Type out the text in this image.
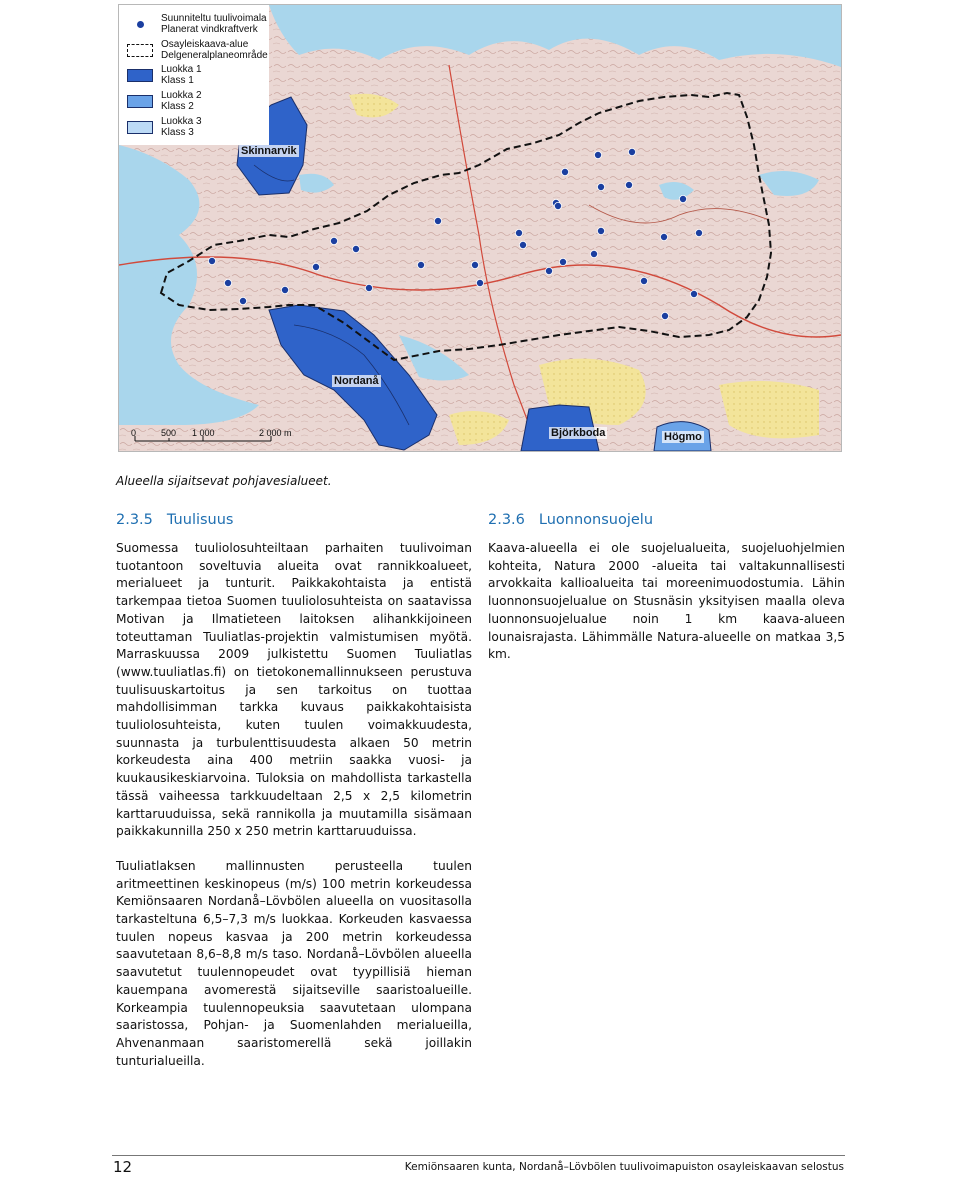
Suunniteltu tuulivoimala
Planerat vindkraftverk
Osayleiskaava-alue
Delgeneralplaneområde
Luokka 1
Klass 1
Luokka 2
Klass 2
Luokka 3
Klass 3
Skinnarvik
Nordanå
Björkboda	Högmo
0	500 1 000	2 000 m

Alueella sijaitsevat pohjavesialueet.

2.3.5 Tuulisuus

Suomessa tuuliolosuhteiltaan parhaiten tuulivoiman tuotantoon soveltuvia alueita ovat rannikkoalueet, merialueet ja tunturit. Paikkakohtaista ja entistä tarkempaa tietoa Suomen tuuliolosuhteista on saatavissa Motivan ja Ilmatieteen laitoksen alihankkijoineen toteuttaman Tuuliatlas-projektin valmistumisen myötä. Marraskuussa 2009 julkistettu Suomen Tuuliatlas (www.tuuliatlas.fi) on tietokonemallinnukseen perustuva tuulisuuskartoitus ja sen tarkoitus on tuottaa mahdollisimman tarkka kuvaus paikkakohtaisista tuuliolosuhteista, kuten tuulen voimakkuudesta, suunnasta ja turbulenttisuudesta alkaen 50 metrin korkeudesta aina 400 metriin saakka vuosi- ja kuukausikeskiarvoina. Tuloksia on mahdollista tarkastella tässä vaiheessa tarkkuudeltaan 2,5 x 2,5 kilometrin karttaruuduissa, sekä rannikolla ja muutamilla sisämaan paikkakunnilla 250 x 250 metrin karttaruuduissa.

Tuuliatlaksen mallinnusten perusteella tuulen aritmeettinen keskinopeus (m/s) 100 metrin korkeudessa Kemiönsaaren Nordanå–Lövbölen alueella on vuositasolla tarkasteltuna 6,5–7,3 m/s luokkaa. Korkeuden kasvaessa tuulen nopeus kasvaa ja 200 metrin korkeudessa saavutetaan 8,6–8,8 m/s taso. Nordanå–Lövbölen alueella saavutetut tuulennopeudet ovat tyypillisiä hieman kauempana avomerestä sijaitseville saaristoalueille. Korkeampia tuulennopeuksia saavutetaan ulompana saaristossa, Pohjan- ja Suomenlahden merialueilla, Ahvenanmaan saaristomerellä sekä joillakin tunturialueilla.

2.3.6 Luonnonsuojelu

Kaava-alueella ei ole suojelualueita, suojeluohjelmien kohteita, Natura 2000 -alueita tai valtakunnallisesti arvokkaita kallioalueita tai moreenimuodostumia. Lähin luonnonsuojelualue on Stusnäsin yksityisen maalla oleva luonnonsuojelualue noin 1 km kaava-alueen lounaisrajasta. Lähimmälle Natura-alueelle on matkaa 3,5 km.

12	Kemiönsaaren kunta, Nordanå–Lövbölen tuulivoimapuiston osayleiskaavan selostus
